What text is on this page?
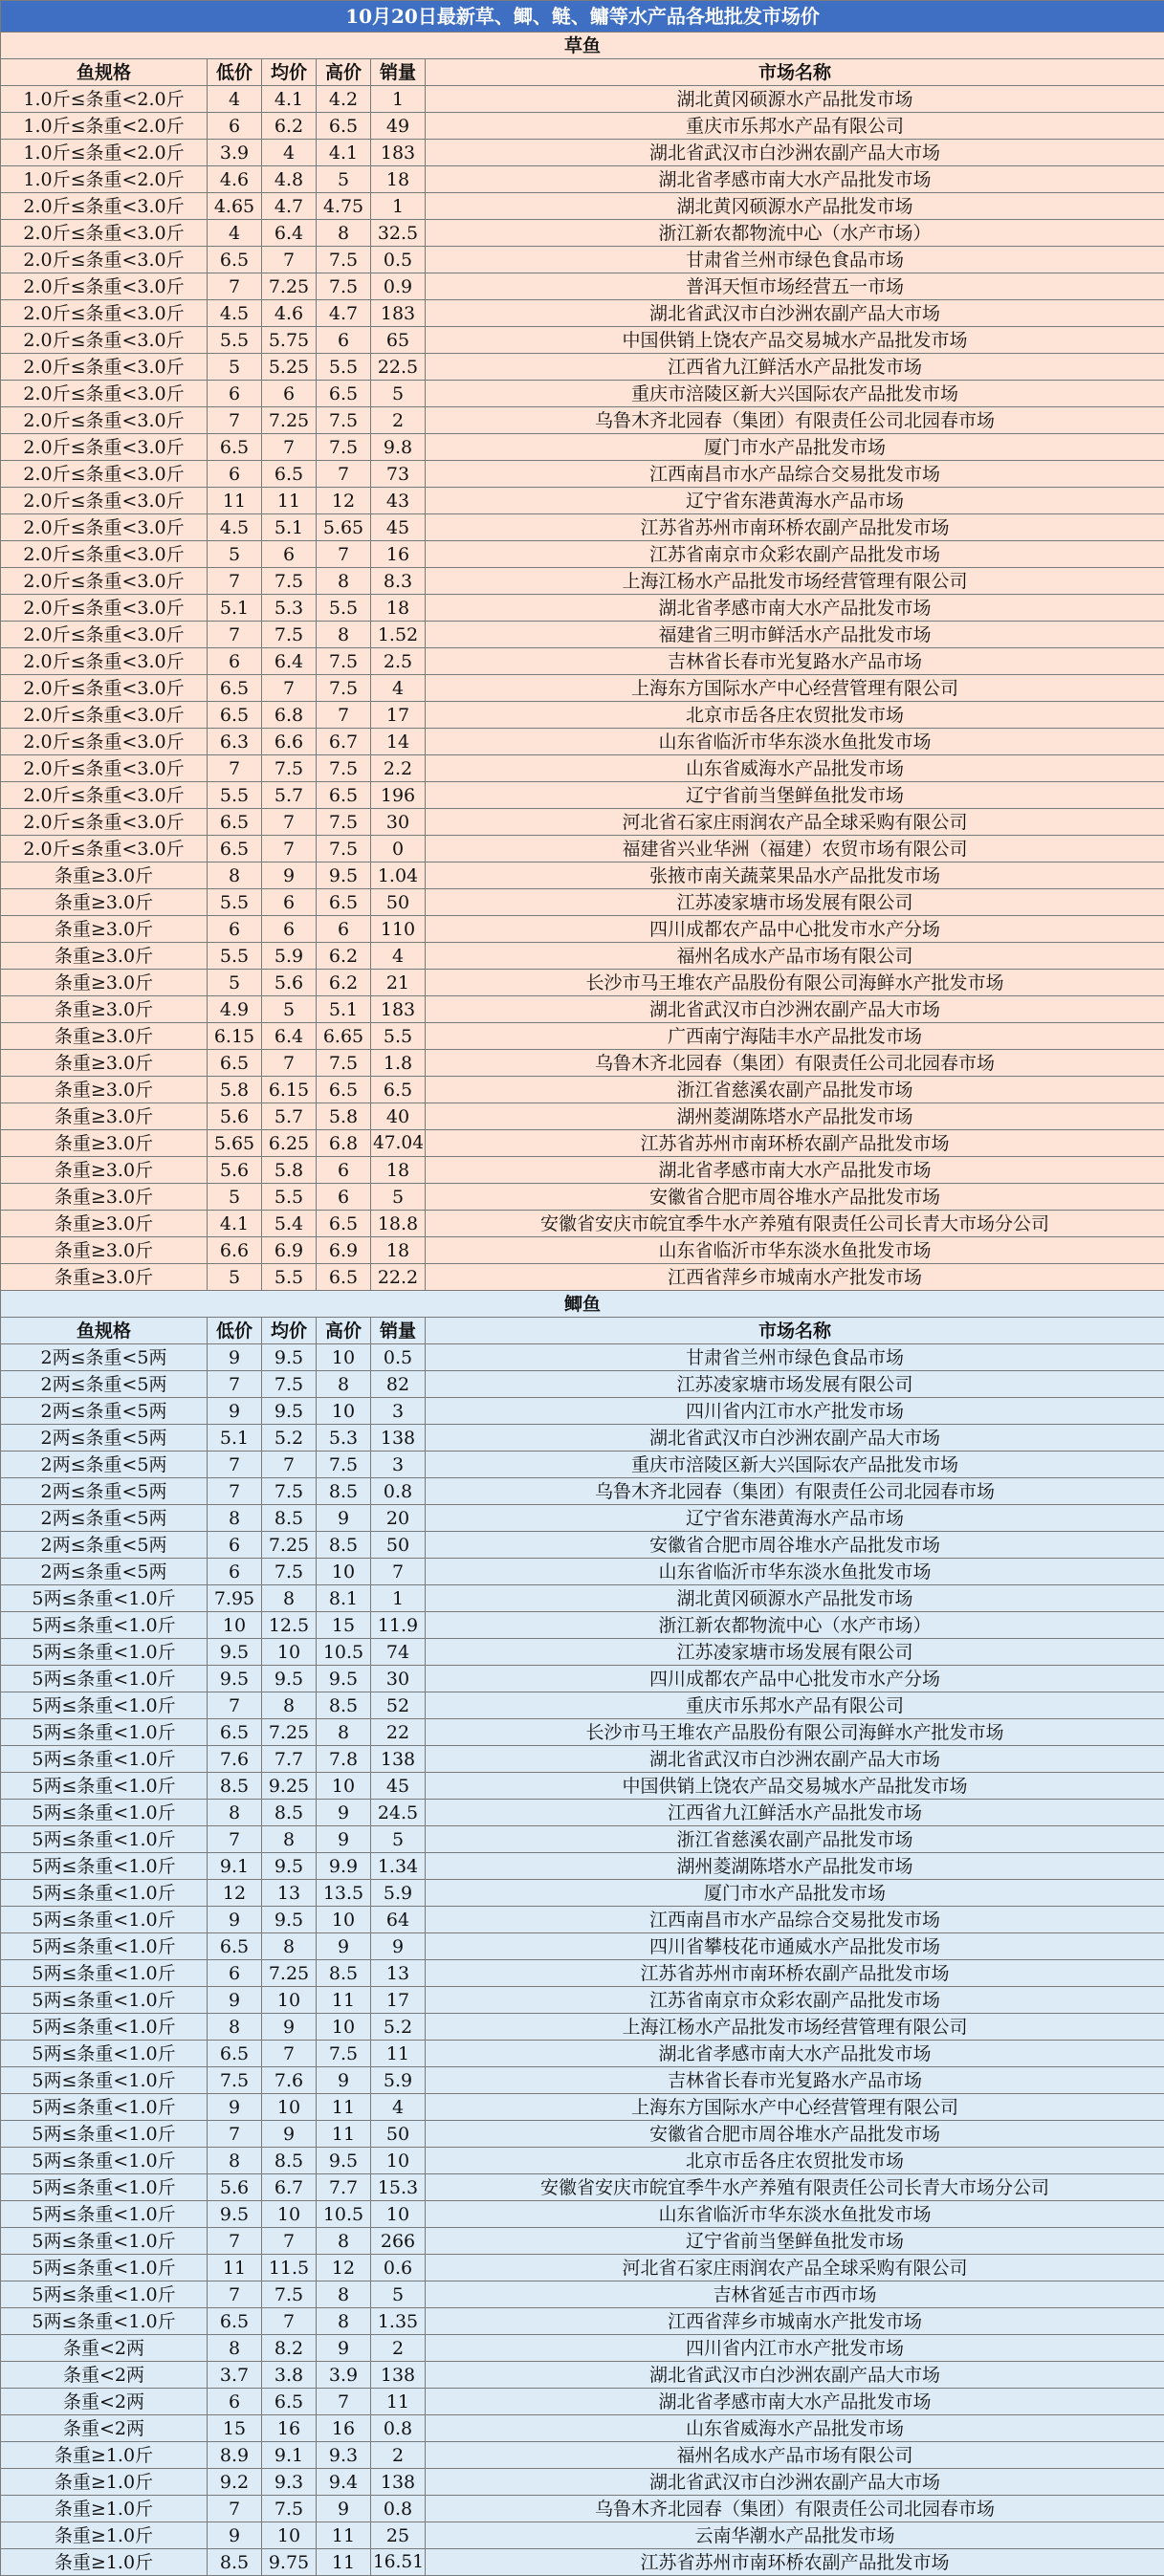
10月20日最新草、鲫、鲢、鳙等水产品各地批发市场价					
草鱼					
鱼规格	低价	均价	高价	销量	市场名称
1.0斤≤条重<2.0斤	4	4.1	4.2	1	湖北黄冈硕源水产品批发市场
1.0斤≤条重<2.0斤	6	6.2	6.5	49	重庆市乐邦水产品有限公司
1.0斤≤条重<2.0斤	3.9	4	4.1	183	湖北省武汉市白沙洲农副产品大市场
1.0斤≤条重<2.0斤	4.6	4.8	5	18	湖北省孝感市南大水产品批发市场
2.0斤≤条重<3.0斤	4.65	4.7	4.75	1	湖北黄冈硕源水产品批发市场
2.0斤≤条重<3.0斤	4	6.4	8	32.5	浙江新农都物流中心（水产市场）
2.0斤≤条重<3.0斤	6.5	7	7.5	0.5	甘肃省兰州市绿色食品市场
2.0斤≤条重<3.0斤	7	7.25	7.5	0.9	普洱天恒市场经营五一市场
2.0斤≤条重<3.0斤	4.5	4.6	4.7	183	湖北省武汉市白沙洲农副产品大市场
2.0斤≤条重<3.0斤	5.5	5.75	6	65	中国供销上饶农产品交易城水产品批发市场
2.0斤≤条重<3.0斤	5	5.25	5.5	22.5	江西省九江鲜活水产品批发市场
2.0斤≤条重<3.0斤	6	6	6.5	5	重庆市涪陵区新大兴国际农产品批发市场
2.0斤≤条重<3.0斤	7	7.25	7.5	2	乌鲁木齐北园春（集团）有限责任公司北园春市场
2.0斤≤条重<3.0斤	6.5	7	7.5	9.8	厦门市水产品批发市场
2.0斤≤条重<3.0斤	6	6.5	7	73	江西南昌市水产品综合交易批发市场
2.0斤≤条重<3.0斤	11	11	12	43	辽宁省东港黄海水产品市场
2.0斤≤条重<3.0斤	4.5	5.1	5.65	45	江苏省苏州市南环桥农副产品批发市场
2.0斤≤条重<3.0斤	5	6	7	16	江苏省南京市众彩农副产品批发市场
2.0斤≤条重<3.0斤	7	7.5	8	8.3	上海江杨水产品批发市场经营管理有限公司
2.0斤≤条重<3.0斤	5.1	5.3	5.5	18	湖北省孝感市南大水产品批发市场
2.0斤≤条重<3.0斤	7	7.5	8	1.52	福建省三明市鲜活水产品批发市场
2.0斤≤条重<3.0斤	6	6.4	7.5	2.5	吉林省长春市光复路水产品市场
2.0斤≤条重<3.0斤	6.5	7	7.5	4	上海东方国际水产中心经营管理有限公司
2.0斤≤条重<3.0斤	6.5	6.8	7	17	北京市岳各庄农贸批发市场
2.0斤≤条重<3.0斤	6.3	6.6	6.7	14	山东省临沂市华东淡水鱼批发市场
2.0斤≤条重<3.0斤	7	7.5	7.5	2.2	山东省威海水产品批发市场
2.0斤≤条重<3.0斤	5.5	5.7	6.5	196	辽宁省前当堡鲜鱼批发市场
2.0斤≤条重<3.0斤	6.5	7	7.5	30	河北省石家庄雨润农产品全球采购有限公司
2.0斤≤条重<3.0斤	6.5	7	7.5	0	福建省兴业华洲（福建）农贸市场有限公司
条重≥3.0斤	8	9	9.5	1.04	张掖市南关蔬菜果品水产品批发市场
条重≥3.0斤	5.5	6	6.5	50	江苏凌家塘市场发展有限公司
条重≥3.0斤	6	6	6	110	四川成都农产品中心批发市水产分场
条重≥3.0斤	5.5	5.9	6.2	4	福州名成水产品市场有限公司
条重≥3.0斤	5	5.6	6.2	21	长沙市马王堆农产品股份有限公司海鲜水产批发市场
条重≥3.0斤	4.9	5	5.1	183	湖北省武汉市白沙洲农副产品大市场
条重≥3.0斤	6.15	6.4	6.65	5.5	广西南宁海陆丰水产品批发市场
条重≥3.0斤	6.5	7	7.5	1.8	乌鲁木齐北园春（集团）有限责任公司北园春市场
条重≥3.0斤	5.8	6.15	6.5	6.5	浙江省慈溪农副产品批发市场
条重≥3.0斤	5.6	5.7	5.8	40	湖州菱湖陈塔水产品批发市场
条重≥3.0斤	5.65	6.25	6.8	47.04	江苏省苏州市南环桥农副产品批发市场
条重≥3.0斤	5.6	5.8	6	18	湖北省孝感市南大水产品批发市场
条重≥3.0斤	5	5.5	6	5	安徽省合肥市周谷堆水产品批发市场
条重≥3.0斤	4.1	5.4	6.5	18.8	安徽省安庆市皖宜季牛水产养殖有限责任公司长青大市场分公司
条重≥3.0斤	6.6	6.9	6.9	18	山东省临沂市华东淡水鱼批发市场
条重≥3.0斤	5	5.5	6.5	22.2	江西省萍乡市城南水产批发市场
鲫鱼					
鱼规格	低价	均价	高价	销量	市场名称
2两≤条重<5两	9	9.5	10	0.5	甘肃省兰州市绿色食品市场
2两≤条重<5两	7	7.5	8	82	江苏凌家塘市场发展有限公司
2两≤条重<5两	9	9.5	10	3	四川省内江市水产批发市场
2两≤条重<5两	5.1	5.2	5.3	138	湖北省武汉市白沙洲农副产品大市场
2两≤条重<5两	7	7	7.5	3	重庆市涪陵区新大兴国际农产品批发市场
2两≤条重<5两	7	7.5	8.5	0.8	乌鲁木齐北园春（集团）有限责任公司北园春市场
2两≤条重<5两	8	8.5	9	20	辽宁省东港黄海水产品市场
2两≤条重<5两	6	7.25	8.5	50	安徽省合肥市周谷堆水产品批发市场
2两≤条重<5两	6	7.5	10	7	山东省临沂市华东淡水鱼批发市场
5两≤条重<1.0斤	7.95	8	8.1	1	湖北黄冈硕源水产品批发市场
5两≤条重<1.0斤	10	12.5	15	11.9	浙江新农都物流中心（水产市场）
5两≤条重<1.0斤	9.5	10	10.5	74	江苏凌家塘市场发展有限公司
5两≤条重<1.0斤	9.5	9.5	9.5	30	四川成都农产品中心批发市水产分场
5两≤条重<1.0斤	7	8	8.5	52	重庆市乐邦水产品有限公司
5两≤条重<1.0斤	6.5	7.25	8	22	长沙市马王堆农产品股份有限公司海鲜水产批发市场
5两≤条重<1.0斤	7.6	7.7	7.8	138	湖北省武汉市白沙洲农副产品大市场
5两≤条重<1.0斤	8.5	9.25	10	45	中国供销上饶农产品交易城水产品批发市场
5两≤条重<1.0斤	8	8.5	9	24.5	江西省九江鲜活水产品批发市场
5两≤条重<1.0斤	7	8	9	5	浙江省慈溪农副产品批发市场
5两≤条重<1.0斤	9.1	9.5	9.9	1.34	湖州菱湖陈塔水产品批发市场
5两≤条重<1.0斤	12	13	13.5	5.9	厦门市水产品批发市场
5两≤条重<1.0斤	9	9.5	10	64	江西南昌市水产品综合交易批发市场
5两≤条重<1.0斤	6.5	8	9	9	四川省攀枝花市通威水产品批发市场
5两≤条重<1.0斤	6	7.25	8.5	13	江苏省苏州市南环桥农副产品批发市场
5两≤条重<1.0斤	9	10	11	17	江苏省南京市众彩农副产品批发市场
5两≤条重<1.0斤	8	9	10	5.2	上海江杨水产品批发市场经营管理有限公司
5两≤条重<1.0斤	6.5	7	7.5	11	湖北省孝感市南大水产品批发市场
5两≤条重<1.0斤	7.5	7.6	9	5.9	吉林省长春市光复路水产品市场
5两≤条重<1.0斤	9	10	11	4	上海东方国际水产中心经营管理有限公司
5两≤条重<1.0斤	7	9	11	50	安徽省合肥市周谷堆水产品批发市场
5两≤条重<1.0斤	8	8.5	9.5	10	北京市岳各庄农贸批发市场
5两≤条重<1.0斤	5.6	6.7	7.7	15.3	安徽省安庆市皖宜季牛水产养殖有限责任公司长青大市场分公司
5两≤条重<1.0斤	9.5	10	10.5	10	山东省临沂市华东淡水鱼批发市场
5两≤条重<1.0斤	7	7	8	266	辽宁省前当堡鲜鱼批发市场
5两≤条重<1.0斤	11	11.5	12	0.6	河北省石家庄雨润农产品全球采购有限公司
5两≤条重<1.0斤	7	7.5	8	5	吉林省延吉市西市场
5两≤条重<1.0斤	6.5	7	8	1.35	江西省萍乡市城南水产批发市场
条重<2两	8	8.2	9	2	四川省内江市水产批发市场
条重<2两	3.7	3.8	3.9	138	湖北省武汉市白沙洲农副产品大市场
条重<2两	6	6.5	7	11	湖北省孝感市南大水产品批发市场
条重<2两	15	16	16	0.8	山东省威海水产品批发市场
条重≥1.0斤	8.9	9.1	9.3	2	福州名成水产品市场有限公司
条重≥1.0斤	9.2	9.3	9.4	138	湖北省武汉市白沙洲农副产品大市场
条重≥1.0斤	7	7.5	9	0.8	乌鲁木齐北园春（集团）有限责任公司北园春市场
条重≥1.0斤	9	10	11	25	云南华潮水产品批发市场
条重≥1.0斤	8.5	9.75	11	16.51	江苏省苏州市南环桥农副产品批发市场
